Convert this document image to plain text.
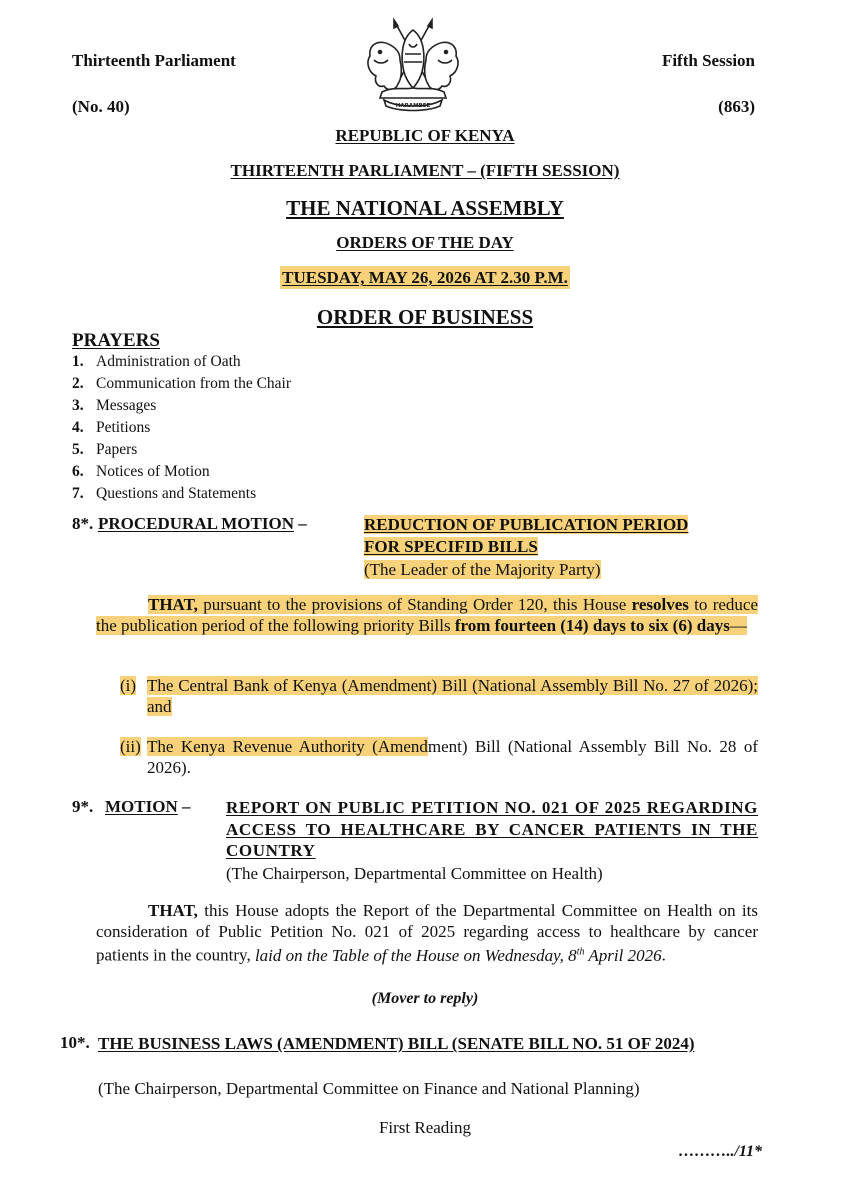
Thirteenth Parliament	Fifth Session
(No. 40)	(863)
HARAMBEE
REPUBLIC OF KENYA
THIRTEENTH PARLIAMENT – (FIFTH SESSION)
THE NATIONAL ASSEMBLY
ORDERS OF THE DAY
TUESDAY, MAY 26, 2026 AT 2.30 P.M.
ORDER OF BUSINESS
PRAYERS
1. Administration of Oath
2. Communication from the Chair
3. Messages
4. Petitions
5. Papers
6. Notices of Motion
7. Questions and Statements
8*. PROCEDURAL MOTION –	REDUCTION OF PUBLICATION PERIOD
FOR SPECIFID BILLS
(The Leader of the Majority Party)
THAT, pursuant to the provisions of Standing Order 120, this House resolves to reduce the publication period of the following priority Bills from fourteen (14) days to six (6) days—
(i) The Central Bank of Kenya (Amendment) Bill (National Assembly Bill No. 27 of 2026); and
(ii) The Kenya Revenue Authority (Amendment) Bill (National Assembly Bill No. 28 of 2026).
9*. MOTION – REPORT ON PUBLIC PETITION NO. 021 OF 2025 REGARDING ACCESS TO HEALTHCARE BY CANCER PATIENTS IN THE COUNTRY
(The Chairperson, Departmental Committee on Health)
THAT, this House adopts the Report of the Departmental Committee on Health on its consideration of Public Petition No. 021 of 2025 regarding access to healthcare by cancer patients in the country, laid on the Table of the House on Wednesday, 8th April 2026.
(Mover to reply)
10*. THE BUSINESS LAWS (AMENDMENT) BILL (SENATE BILL NO. 51 OF 2024)
(The Chairperson, Departmental Committee on Finance and National Planning)
First Reading
………../11*
